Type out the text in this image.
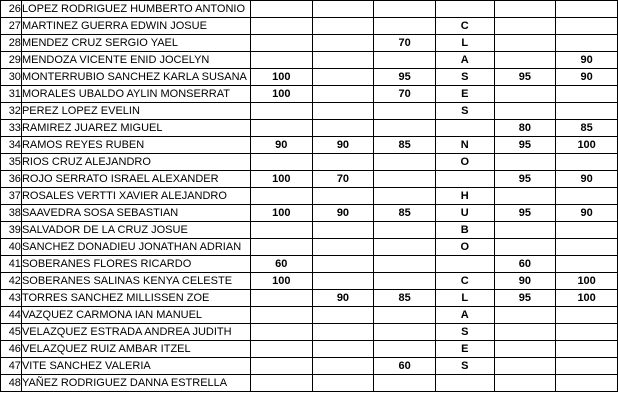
26	LOPEZ RODRIGUEZ HUMBERTO ANTONIO						
27	MARTINEZ GUERRA EDWIN JOSUE				C		
28	MENDEZ CRUZ SERGIO YAEL			70	L		
29	MENDOZA VICENTE ENID JOCELYN				A		90
30	MONTERRUBIO SANCHEZ KARLA SUSANA	100		95	S	95	90
31	MORALES UBALDO AYLIN MONSERRAT	100		70	E		
32	PEREZ LOPEZ EVELIN				S		
33	RAMIREZ JUAREZ MIGUEL					80	85
34	RAMOS REYES RUBEN	90	90	85	N	95	100
35	RIOS CRUZ ALEJANDRO				O		
36	ROJO SERRATO ISRAEL ALEXANDER	100	70			95	90
37	ROSALES VERTTI XAVIER ALEJANDRO				H		
38	SAAVEDRA SOSA SEBASTIAN	100	90	85	U	95	90
39	SALVADOR DE LA CRUZ JOSUE				B		
40	SANCHEZ DONADIEU JONATHAN ADRIAN				O		
41	SOBERANES FLORES RICARDO	60				60	
42	SOBERANES SALINAS KENYA CELESTE	100			C	90	100
43	TORRES SANCHEZ MILLISSEN ZOE		90	85	L	95	100
44	VAZQUEZ CARMONA IAN MANUEL				A		
45	VELAZQUEZ ESTRADA ANDREA JUDITH				S		
46	VELAZQUEZ RUIZ AMBAR ITZEL				E		
47	VITE SANCHEZ VALERIA			60	S		
48	YAÑEZ RODRIGUEZ DANNA ESTRELLA						
